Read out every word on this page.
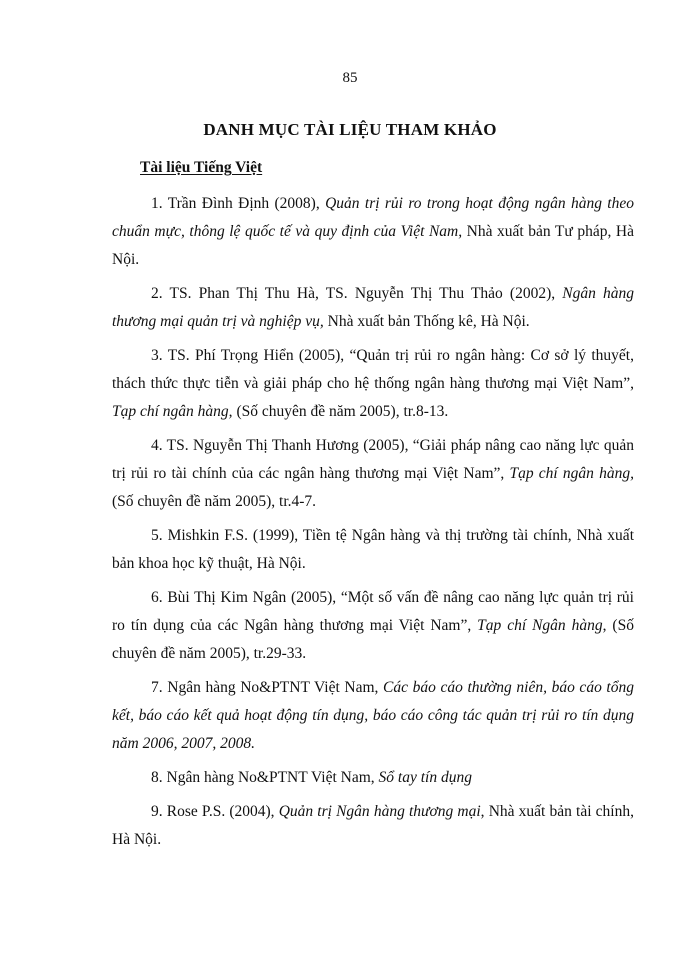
85
DANH MỤC TÀI LIỆU THAM KHẢO
Tài liệu Tiếng Việt
1. Trần Đình Định (2008), Quản trị rủi ro trong hoạt động ngân hàng theo chuẩn mực, thông lệ quốc tế và quy định của Việt Nam, Nhà xuất bản Tư pháp, Hà Nội.
2. TS. Phan Thị Thu Hà, TS. Nguyễn Thị Thu Thảo (2002), Ngân hàng thương mại quản trị và nghiệp vụ, Nhà xuất bản Thống kê, Hà Nội.
3. TS. Phí Trọng Hiển (2005), “Quản trị rủi ro ngân hàng: Cơ sở lý thuyết, thách thức thực tiễn và giải pháp cho hệ thống ngân hàng thương mại Việt Nam”, Tạp chí ngân hàng, (Số chuyên đề năm 2005), tr.8-13.
4. TS. Nguyễn Thị Thanh Hương (2005), “Giải pháp nâng cao năng lực quản trị rủi ro tài chính của các ngân hàng thương mại Việt Nam”, Tạp chí ngân hàng, (Số chuyên đề năm 2005), tr.4-7.
5. Mishkin F.S. (1999), Tiền tệ Ngân hàng và thị trường tài chính, Nhà xuất bản khoa học kỹ thuật, Hà Nội.
6. Bùi Thị Kim Ngân (2005), “Một số vấn đề nâng cao năng lực quản trị rủi ro tín dụng của các Ngân hàng thương mại Việt Nam”, Tạp chí Ngân hàng, (Số chuyên đề năm 2005), tr.29-33.
7. Ngân hàng No&PTNT Việt Nam, Các báo cáo thường niên, báo cáo tổng kết, báo cáo kết quả hoạt động tín dụng, báo cáo công tác quản trị rủi ro tín dụng năm 2006, 2007, 2008.
8. Ngân hàng No&PTNT Việt Nam, Sổ tay tín dụng
9. Rose P.S. (2004), Quản trị Ngân hàng thương mại, Nhà xuất bản tài chính, Hà Nội.
